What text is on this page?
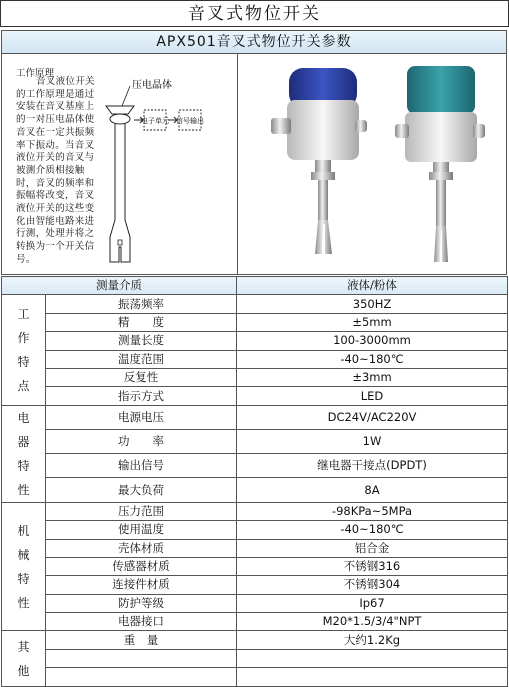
音叉式物位开关
APX501音叉式物位开关参数
工作原理
音叉液位开关的工作原理是通过安装在音叉基座上的一对压电晶体使音叉在一定共振频率下振动。当音叉液位开关的音叉与被测介质相接触时，音叉的频率和振幅将改变，音叉液位开关的这些变化由智能电路来进行测，处理并将之转换为一个开关信号。
压电晶体
电子单元 信号输出
测量介质		液体/粉体

工
作
特
点	振荡频率	350HZ
	精　　度	±5mm
	测量长度	100-3000mm
	温度范围	-40~180℃
	反复性	±3mm
	指示方式	LED

电
器
特
性	电源电压	DC24V/AC220V
	功　　率	1W
	输出信号	继电器干接点(DPDT)
	最大负荷	8A

机
械
特
性	压力范围	-98KPa~5MPa
	使用温度	-40~180℃
	壳体材质	铝合金
	传感器材质	不锈钢316
	连接件材质	不锈钢304
	防护等级	Ip67
	电器接口	M20*1.5/3/4"NPT

其
他	重　量	大约1.2Kg
